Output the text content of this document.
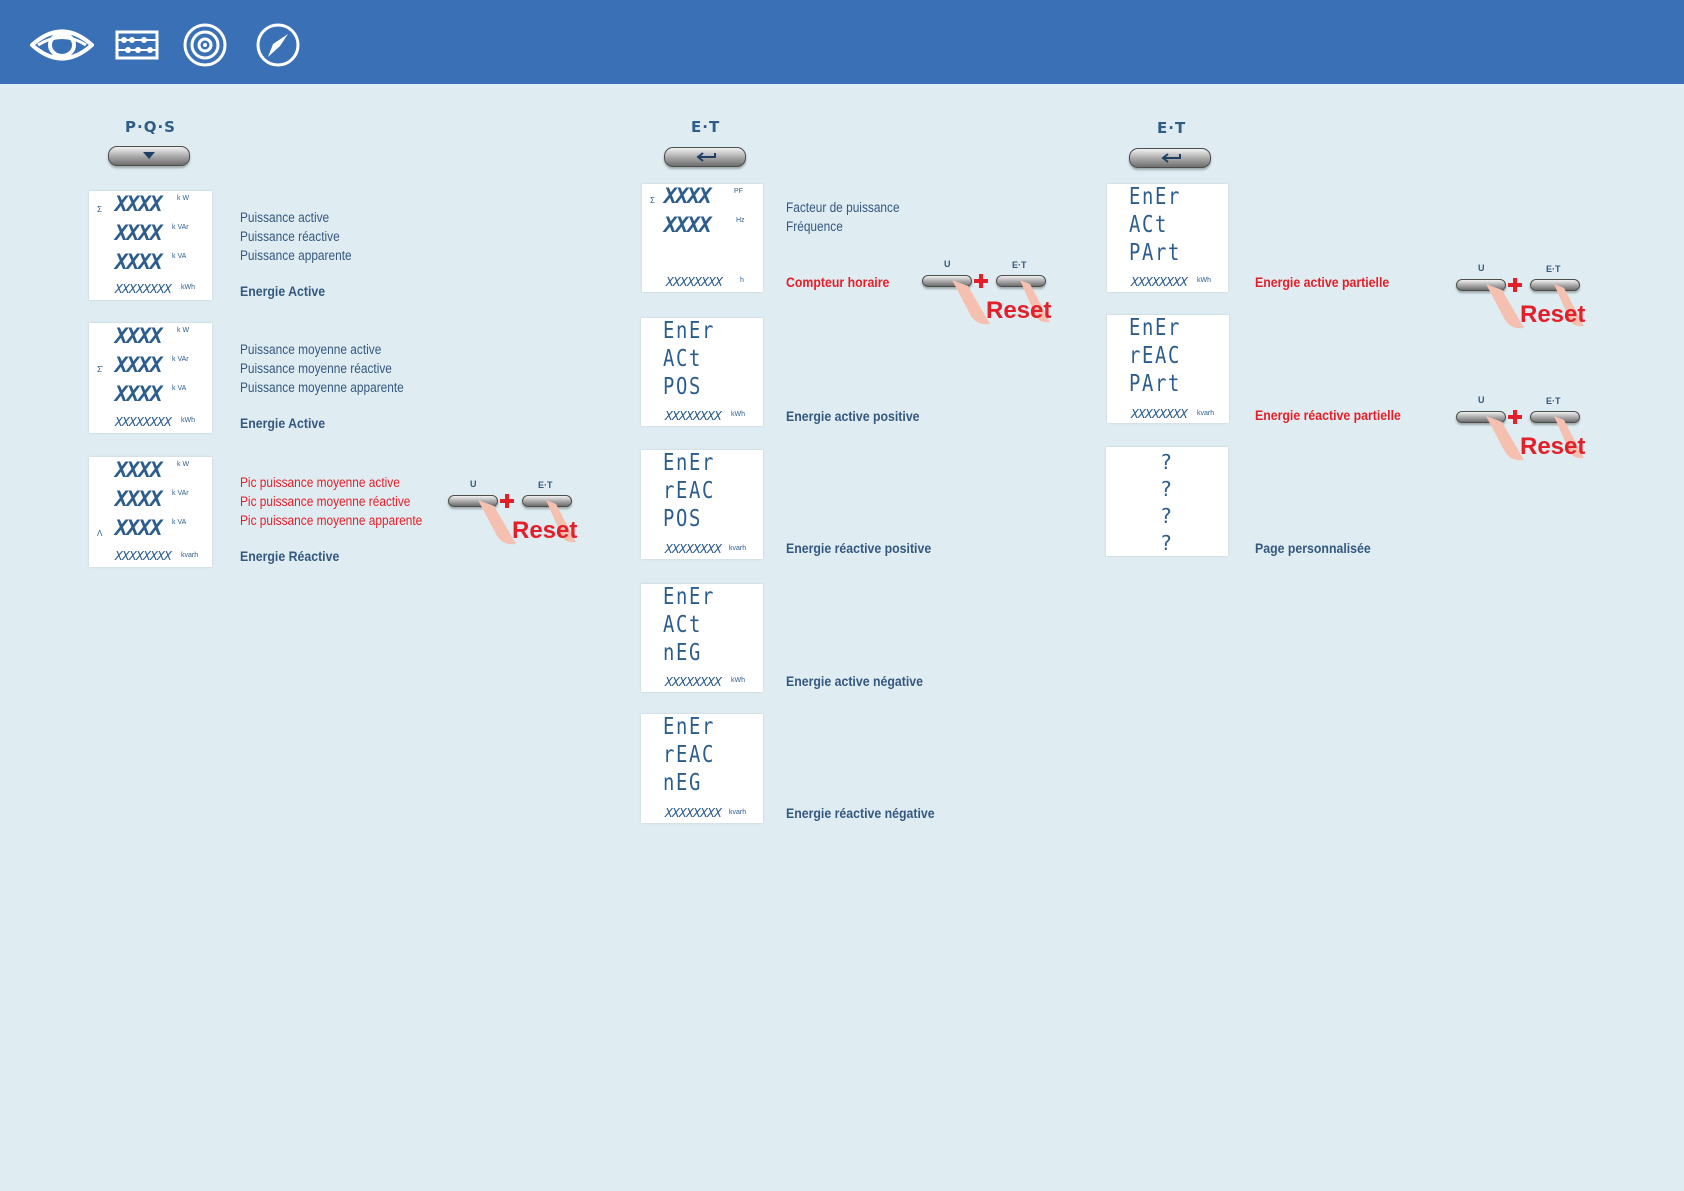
P·Q·S
Σ XXXX k W
XXXX k VAr
XXXX k VA
XXXXXXXX kWh
Puissance active
Puissance réactive
Puissance apparente
Energie Active
Σ̄
XXXX k W
XXXX k VAr
XXXX k VA
XXXXXXXX kWh
Puissance moyenne active
Puissance moyenne réactive
Puissance moyenne apparente
Energie Active
Λ
XXXX k W
XXXX k VAr
XXXX k VA
XXXXXXXX kvarh
Pic puissance moyenne active
Pic puissance moyenne réactive
Pic puissance moyenne apparente
Energie Réactive
U	E·T
Reset
E·T
Σ XXXX	PF
XXXX	Hz
XXXXXXXX	h
Facteur de puissance
Fréquence
Compteur horaire
U	E·T
Reset
EnEr
ACt
POS
XXXXXXXX kWh	Energie active positive
EnEr
rEAC
POS
XXXXXXXX kvarh	Energie réactive positive
EnEr
ACt
nEG
XXXXXXXX kWh	Energie active négative
EnEr
rEAC
nEG
XXXXXXXX kvarh	Energie réactive négative
E·T
EnEr
ACt
PArt
XXXXXXXX kWh	Energie active partielle
U	E·T
Reset
EnEr
rEAC
PArt
XXXXXXXX kvarh	Energie réactive partielle
U	E·T
Reset
?
?
?
?	Page personnalisée
